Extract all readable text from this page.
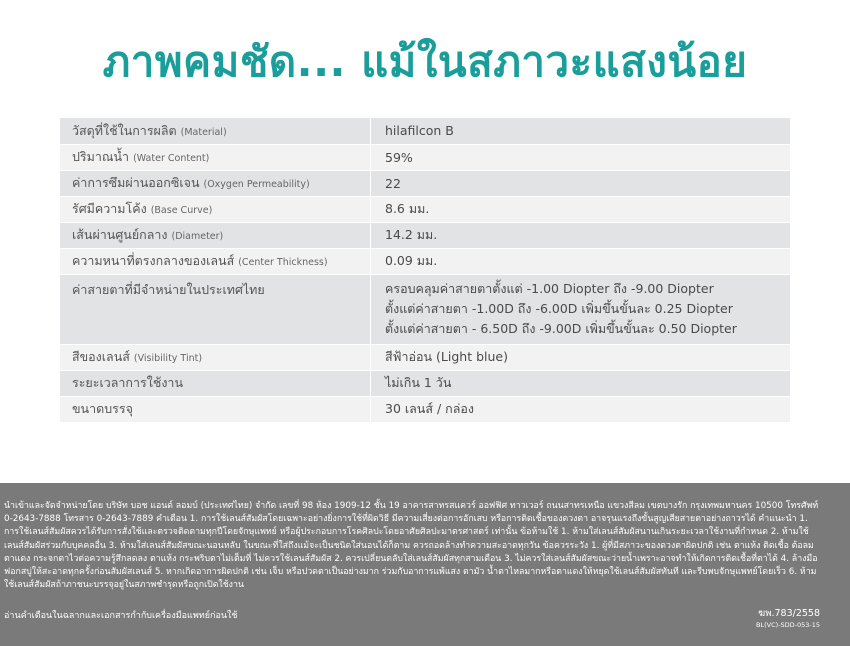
ภาพคมชัด... แม้ในสภาวะแสงน้อย
วัสดุที่ใช้ในการผลิต (Material)		hilafilcon B
ปริมาณน้ำ (Water Content)		59%
ค่าการซึมผ่านออกซิเจน (Oxygen Permeability)		22
รัศมีความโค้ง (Base Curve)		8.6 มม.
เส้นผ่านศูนย์กลาง (Diameter)		14.2 มม.
ความหนาที่ตรงกลางของเลนส์ (Center Thickness)		0.09 มม.
ค่าสายตาที่มีจำหน่ายในประเทศไทย		ครอบคลุมค่าสายตาตั้งแต่ -1.00 Diopter ถึง -9.00 Diopter
ตั้งแต่ค่าสายตา -1.00D ถึง -6.00D เพิ่มขึ้นขั้นละ 0.25 Diopter
ตั้งแต่ค่าสายตา - 6.50D ถึง -9.00D เพิ่มขึ้นขั้นละ 0.50 Diopter

สีของเลนส์ (Visibility Tint)		สีฟ้าอ่อน (Light blue)
ระยะเวลาการใช้งาน		ไม่เกิน 1 วัน
ขนาดบรรจุ		30 เลนส์ / กล่อง

นำเข้าและจัดจำหน่ายโดย บริษัท บอช แอนด์ ลอมบ์ (ประเทศไทย) จำกัด เลขที่ 98 ห้อง 1909-12 ชั้น 19 อาคารสาทรสแควร์ ออฟฟิศ ทาวเวอร์ ถนนสาทรเหนือ แขวงสีลม เขตบางรัก กรุงเทพมหานคร 10500 โทรศัพท์ 0-2643-7888 โทรสาร 0-2643-7889 คำเตือน 1. การใช้เลนส์สัมผัสโดยเฉพาะอย่างยิ่งการใช้ที่ผิดวิธี มีความเสี่ยงต่อการอักเสบ หรือการติดเชื้อของดวงตา อาจรุนแรงถึงขั้นสูญเสียสายตาอย่างถาวรได้ คำแนะนำ 1. การใช้เลนส์สัมผัสควรได้รับการสั่งใช้และตรวจติดตามทุกปีโดยจักษุแพทย์ หรือผู้ประกอบการโรคศิลปะโดยอาศัยศิลปะมาตรศาสตร์ เท่านั้น ข้อห้ามใช้ 1. ห้ามใส่เลนส์สัมผัสนานเกินระยะเวลาใช้งานที่กำหนด 2. ห้ามใช้เลนส์สัมผัสร่วมกับบุคคลอื่น 3. ห้ามใส่เลนส์สัมผัสขณะนอนหลับ ในขณะที่ใส่ถึงแม้จะเป็นชนิดใส่นอนได้ก็ตาม ควรถอดล้างทำความสะอาดทุกวัน ข้อควรระวัง 1. ผู้ที่มีสภาวะของดวงตาผิดปกติ เช่น ตาแห้ง ติดเชื้อ ต้อลม ตาแดง กระจกตาไวต่อความรู้สึกลดลง ตาแห้ง กระพริบตาไม่เต็มที่ ไม่ควรใช้เลนส์สัมผัส 2. ควรเปลี่ยนตลับใส่เลนส์สัมผัสทุกสามเดือน 3. ไม่ควรใส่เลนส์สัมผัสขณะว่ายน้ำเพราะอาจทำให้เกิดการติดเชื้อที่ตาได้ 4. ล้างมือฟอกสบู่ให้สะอาดทุกครั้งก่อนสัมผัสเลนส์ 5. หากเกิดอาการผิดปกติ เช่น เจ็บ หรือปวดตาเป็นอย่างมาก ร่วมกับอาการแพ้แสง ตามัว น้ำตาไหลมากหรือตาแดงให้หยุดใช้เลนส์สัมผัสทันที และรีบพบจักษุแพทย์โดยเร็ว 6. ห้ามใช้เลนส์สัมผัสถ้าภาชนะบรรจุอยู่ในสภาพชำรุดหรือถูกเปิดใช้งาน

อ่านคำเตือนในฉลากและเอกสารกำกับเครื่องมือแพทย์ก่อนใช้	ฆพ.783/2558
BL(VC)-SDD-053-15
